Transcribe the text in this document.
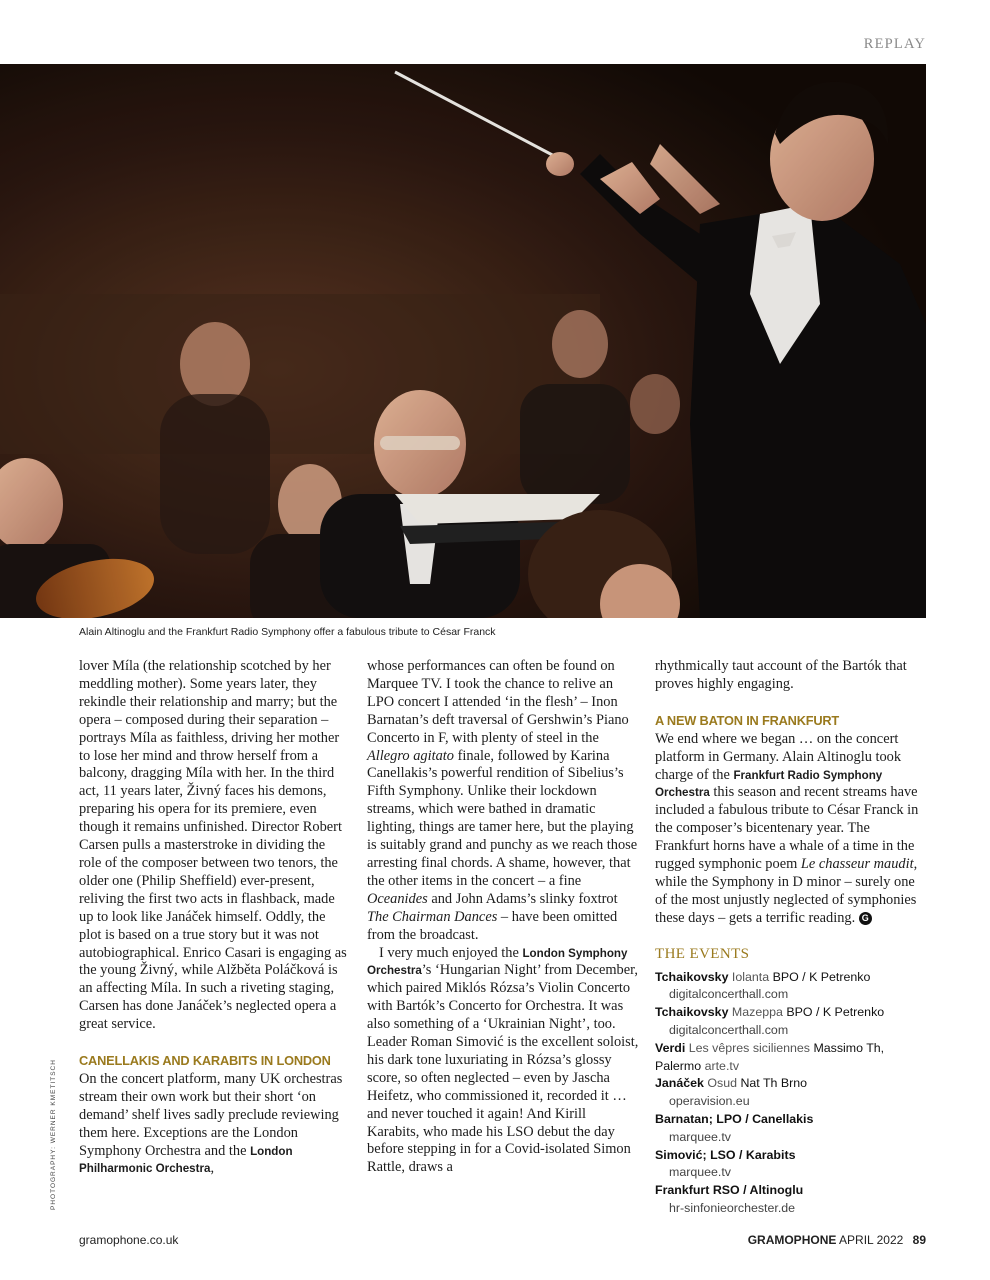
REPLAY
Alain Altinoglu and the Frankfurt Radio Symphony offer a fabulous tribute to César Franck
PHOTOGRAPHY: WERNER KMETITSCH

lover Míla (the relationship scotched by her meddling mother). Some years later, they rekindle their relationship and marry; but the opera – composed during their separation – portrays Míla as faithless, driving her mother to lose her mind and throw herself from a balcony, dragging Míla with her. In the third act, 11 years later, Živný faces his demons, preparing his opera for its premiere, even though it remains unfinished. Director Robert Carsen pulls a masterstroke in dividing the role of the composer between two tenors, the older one (Philip Sheffield) ever-present, reliving the first two acts in flashback, made up to look like Janáček himself. Oddly, the plot is based on a true story but it was not autobiographical. Enrico Casari is engaging as the young Živný, while Alžběta Poláčková is an affecting Míla. In such a riveting staging, Carsen has done Janáček’s neglected opera a great service.

CANELLAKIS AND KARABITS IN LONDON

On the concert platform, many UK orchestras stream their own work but their short ‘on demand’ shelf lives sadly preclude reviewing them here. Exceptions are the London Symphony Orchestra and the London Philharmonic Orchestra,

whose performances can often be found on Marquee TV. I took the chance to relive an LPO concert I attended ‘in the flesh’ – Inon Barnatan’s deft traversal of Gershwin’s Piano Concerto in F, with plenty of steel in the Allegro agitato finale, followed by Karina Canellakis’s powerful rendition of Sibelius’s Fifth Symphony. Unlike their lockdown streams, which were bathed in dramatic lighting, things are tamer here, but the playing is suitably grand and punchy as we reach those arresting final chords. A shame, however, that the other items in the concert – a fine Oceanides and John Adams’s slinky foxtrot The Chairman Dances – have been omitted from the broadcast.

I very much enjoyed the London Symphony Orchestra’s ‘Hungarian Night’ from December, which paired Miklós Rózsa’s Violin Concerto with Bartók’s Concerto for Orchestra. It was also something of a ‘Ukrainian Night’, too. Leader Roman Simović is the excellent soloist, his dark tone luxuriating in Rózsa’s glossy score, so often neglected – even by Jascha Heifetz, who commissioned it, recorded it … and never touched it again! And Kirill Karabits, who made his LSO debut the day before stepping in for a Covid-isolated Simon Rattle, draws a

rhythmically taut account of the Bartók that proves highly engaging.

A NEW BATON IN FRANKFURT

We end where we began … on the concert platform in Germany. Alain Altinoglu took charge of the Frankfurt Radio Symphony Orchestra this season and recent streams have included a fabulous tribute to César Franck in the composer’s bicentenary year. The Frankfurt horns have a whale of a time in the rugged symphonic poem Le chasseur maudit, while the Symphony in D minor – surely one of the most unjustly neglected of symphonies these days – gets a terrific reading. G

THE EVENTS
Tchaikovsky Iolanta BPO / K Petrenko
digitalconcerthall.com
Tchaikovsky Mazeppa BPO / K Petrenko
digitalconcerthall.com
Verdi Les vêpres siciliennes Massimo Th, Palermo arte.tv
Janáček Osud Nat Th Brno
operavision.eu
Barnatan; LPO / Canellakis
marquee.tv
Simović; LSO / Karabits
marquee.tv
Frankfurt RSO / Altinoglu
hr-sinfonieorchester.de
gramophone.co.uk	GRAMOPHONE APRIL 2022 89
